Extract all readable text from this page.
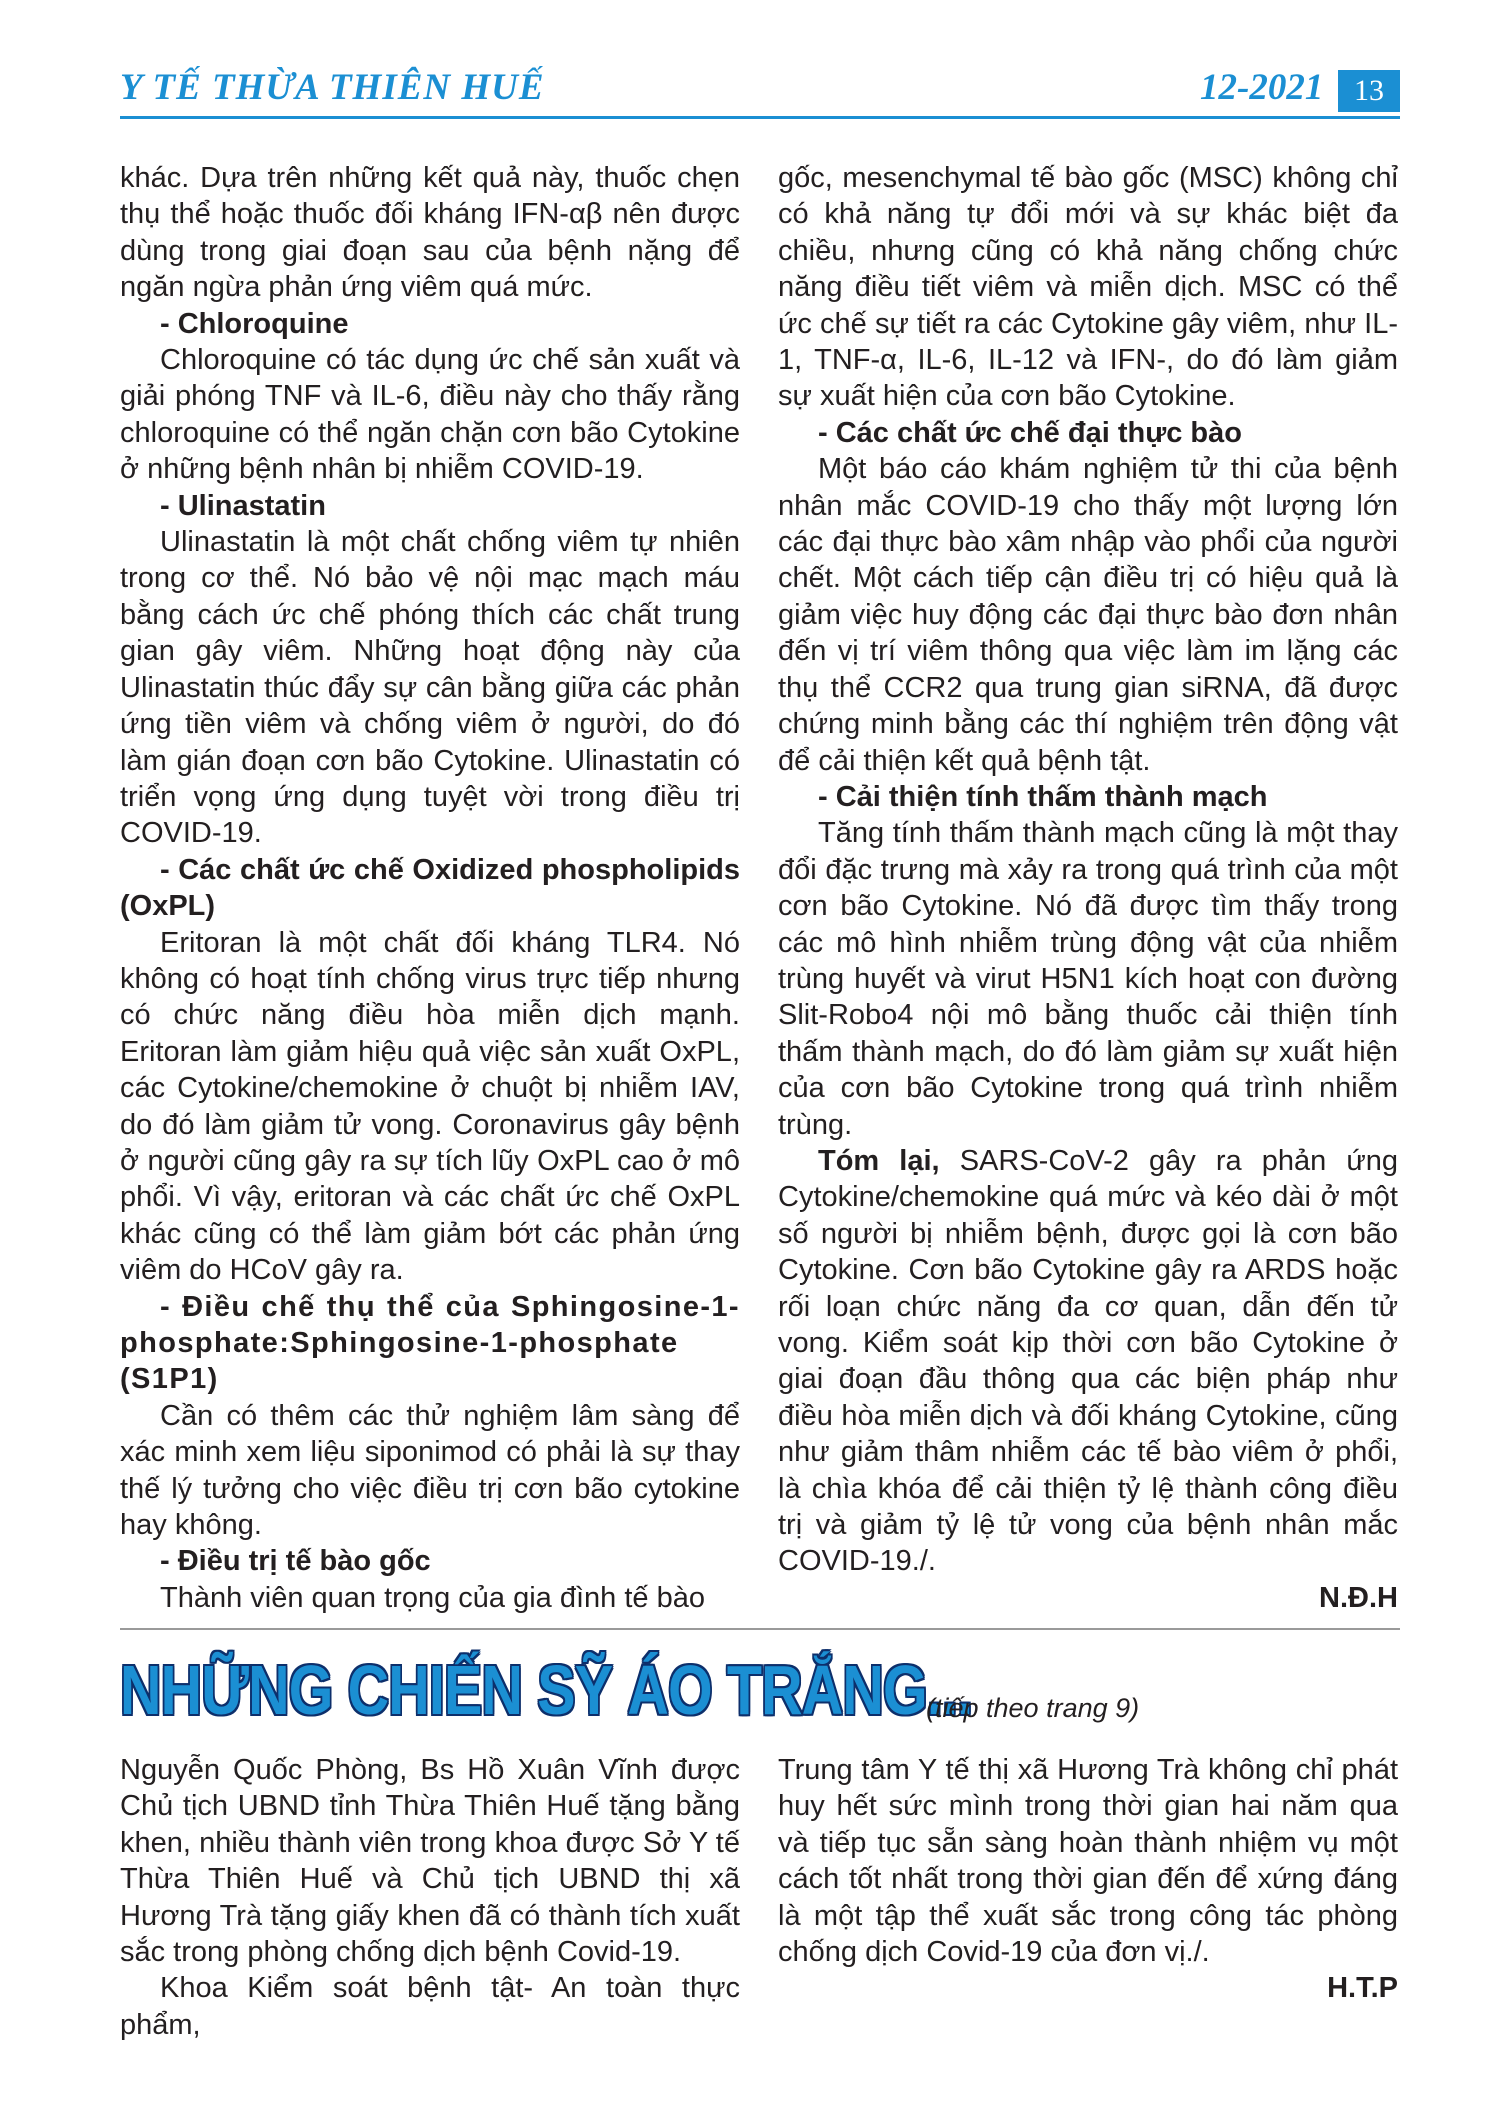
Y TẾ THỪA THIÊN HUẾ	12-2021	13

khác. Dựa trên những kết quả này, thuốc chẹn thụ thể hoặc thuốc đối kháng IFN-αβ nên được dùng trong giai đoạn sau của bệnh nặng để ngăn ngừa phản ứng viêm quá mức.

- Chloroquine

Chloroquine có tác dụng ức chế sản xuất và giải phóng TNF và IL-6, điều này cho thấy rằng chloroquine có thể ngăn chặn cơn bão Cytokine ở những bệnh nhân bị nhiễm COVID-19.

- Ulinastatin

Ulinastatin là một chất chống viêm tự nhiên trong cơ thể. Nó bảo vệ nội mạc mạch máu bằng cách ức chế phóng thích các chất trung gian gây viêm. Những hoạt động này của Ulinastatin thúc đẩy sự cân bằng giữa các phản ứng tiền viêm và chống viêm ở người, do đó làm gián đoạn cơn bão Cytokine. Ulinastatin có triển vọng ứng dụng tuyệt vời trong điều trị COVID-19.

- Các chất ức chế Oxidized phospholipids (OxPL)

Eritoran là một chất đối kháng TLR4. Nó không có hoạt tính chống virus trực tiếp nhưng có chức năng điều hòa miễn dịch mạnh. Eritoran làm giảm hiệu quả việc sản xuất OxPL, các Cytokine/chemokine ở chuột bị nhiễm IAV, do đó làm giảm tử vong. Coronavirus gây bệnh ở người cũng gây ra sự tích lũy OxPL cao ở mô phổi. Vì vậy, eritoran và các chất ức chế OxPL khác cũng có thể làm giảm bớt các phản ứng viêm do HCoV gây ra.

- Điều chế thụ thể của Sphingosine-1-phosphate:Sphingosine-1-phosphate (S1P1)

Cần có thêm các thử nghiệm lâm sàng để xác minh xem liệu siponimod có phải là sự thay thế lý tưởng cho việc điều trị cơn bão cytokine hay không.

- Điều trị tế bào gốc

Thành viên quan trọng của gia đình tế bào

gốc, mesenchymal tế bào gốc (MSC) không chỉ có khả năng tự đổi mới và sự khác biệt đa chiều, nhưng cũng có khả năng chống chức năng điều tiết viêm và miễn dịch. MSC có thể ức chế sự tiết ra các Cytokine gây viêm, như IL-1, TNF-α, IL-6, IL-12 và IFN-, do đó làm giảm sự xuất hiện của cơn bão Cytokine.

- Các chất ức chế đại thực bào

Một báo cáo khám nghiệm tử thi của bệnh nhân mắc COVID-19 cho thấy một lượng lớn các đại thực bào xâm nhập vào phổi của người chết. Một cách tiếp cận điều trị có hiệu quả là giảm việc huy động các đại thực bào đơn nhân đến vị trí viêm thông qua việc làm im lặng các thụ thể CCR2 qua trung gian siRNA, đã được chứng minh bằng các thí nghiệm trên động vật để cải thiện kết quả bệnh tật.

- Cải thiện tính thấm thành mạch

Tăng tính thấm thành mạch cũng là một thay đổi đặc trưng mà xảy ra trong quá trình của một cơn bão Cytokine. Nó đã được tìm thấy trong các mô hình nhiễm trùng động vật của nhiễm trùng huyết và virut H5N1 kích hoạt con đường Slit-Robo4 nội mô bằng thuốc cải thiện tính thấm thành mạch, do đó làm giảm sự xuất hiện của cơn bão Cytokine trong quá trình nhiễm trùng.

Tóm lại, SARS-CoV-2 gây ra phản ứng Cytokine/chemokine quá mức và kéo dài ở một số người bị nhiễm bệnh, được gọi là cơn bão Cytokine. Cơn bão Cytokine gây ra ARDS hoặc rối loạn chức năng đa cơ quan, dẫn đến tử vong. Kiểm soát kịp thời cơn bão Cytokine ở giai đoạn đầu thông qua các biện pháp như điều hòa miễn dịch và đối kháng Cytokine, cũng như giảm thâm nhiễm các tế bào viêm ở phổi, là chìa khóa để cải thiện tỷ lệ thành công điều trị và giảm tỷ lệ tử vong của bệnh nhân mắc COVID-19./.

N.Đ.H

NHỮNG CHIẾN SỸ ÁO TRẮNG...
(tiếp theo trang 9)

Nguyễn Quốc Phòng, Bs Hồ Xuân Vĩnh được Chủ tịch UBND tỉnh Thừa Thiên Huế tặng bằng khen, nhiều thành viên trong khoa được Sở Y tế Thừa Thiên Huế và Chủ tịch UBND thị xã Hương Trà tặng giấy khen đã có thành tích xuất sắc trong phòng chống dịch bệnh Covid-19.

Khoa Kiểm soát bệnh tật- An toàn thực phẩm,

Trung tâm Y tế thị xã Hương Trà không chỉ phát huy hết sức mình trong thời gian hai năm qua và tiếp tục sẵn sàng hoàn thành nhiệm vụ một cách tốt nhất trong thời gian đến để xứng đáng là một tập thể xuất sắc trong công tác phòng chống dịch Covid-19 của đơn vị./.

H.T.P
